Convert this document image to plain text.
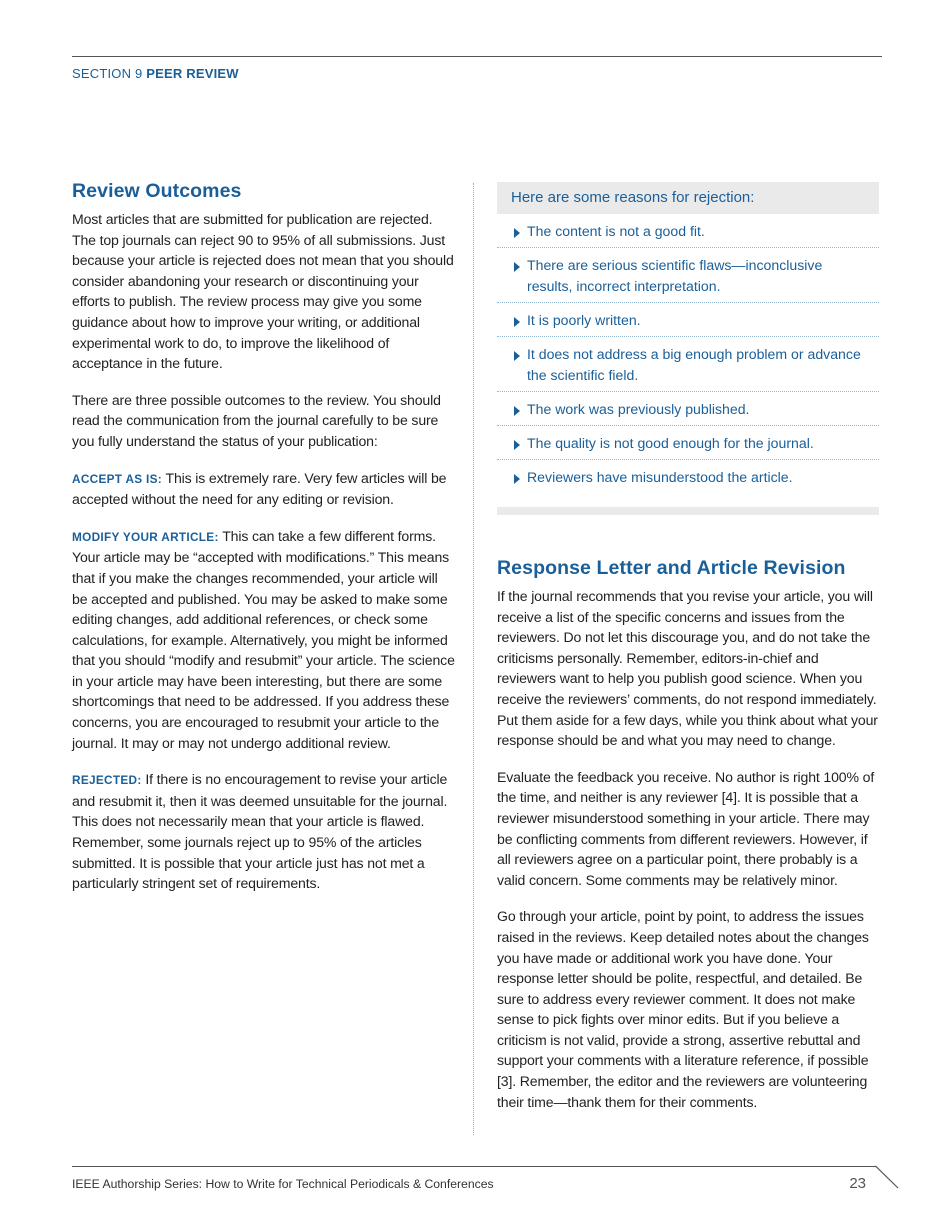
SECTION 9 PEER REVIEW
Review Outcomes

Most articles that are submitted for publication are rejected. The top journals can reject 90 to 95% of all submissions. Just because your article is rejected does not mean that you should consider abandoning your research or discontinuing your efforts to publish. The review process may give you some guidance about how to improve your writing, or additional experimental work to do, to improve the likelihood of acceptance in the future.

There are three possible outcomes to the review. You should read the communication from the journal carefully to be sure you fully understand the status of your publication:

ACCEPT AS IS: This is extremely rare. Very few articles will be accepted without the need for any editing or revision.

MODIFY YOUR ARTICLE: This can take a few different forms. Your article may be “accepted with modifications.” This means that if you make the changes recommended, your article will be accepted and published. You may be asked to make some editing changes, add additional references, or check some calculations, for example. Alternatively, you might be informed that you should “modify and resubmit” your article. The science in your article may have been interesting, but there are some shortcomings that need to be addressed. If you address these concerns, you are encouraged to resubmit your article to the journal. It may or may not undergo additional review.

REJECTED: If there is no encouragement to revise your article and resubmit it, then it was deemed unsuitable for the journal. This does not necessarily mean that your article is flawed. Remember, some journals reject up to 95% of the articles submitted. It is possible that your article just has not met a particularly stringent set of requirements.

Here are some reasons for rejection:
The content is not a good fit.
There are serious scientific flaws—inconclusive results, incorrect interpretation.
It is poorly written.
It does not address a big enough problem or advance the scientific field.
The work was previously published.
The quality is not good enough for the journal.
Reviewers have misunderstood the article.
Response Letter and Article Revision

If the journal recommends that you revise your article, you will receive a list of the specific concerns and issues from the reviewers. Do not let this discourage you, and do not take the criticisms personally. Remember, editors-in-chief and reviewers want to help you publish good science. When you receive the reviewers’ comments, do not respond immediately. Put them aside for a few days, while you think about what your response should be and what you may need to change.

Evaluate the feedback you receive. No author is right 100% of the time, and neither is any reviewer [4]. It is possible that a reviewer misunderstood something in your article. There may be conflicting comments from different reviewers. However, if all reviewers agree on a particular point, there probably is a valid concern. Some comments may be relatively minor.

Go through your article, point by point, to address the issues raised in the reviews. Keep detailed notes about the changes you have made or additional work you have done. Your response letter should be polite, respectful, and detailed. Be sure to address every reviewer comment. It does not make sense to pick fights over minor edits. But if you believe a criticism is not valid, provide a strong, assertive rebuttal and support your comments with a literature reference, if possible [3]. Remember, the editor and the reviewers are volunteering their time—thank them for their comments.

IEEE Authorship Series: How to Write for Technical Periodicals & Conferences	23
